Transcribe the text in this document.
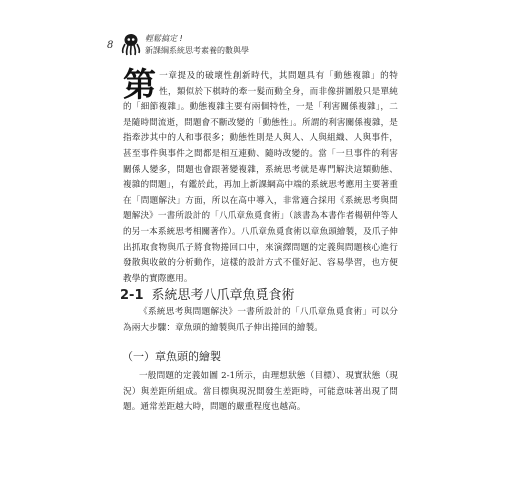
8
輕鬆搞定 !
新課綱系統思考素養的數與學
第一章提及的破壞性創新時代，其問題具有「動態複雜」的特性，類似於下棋時的牽一髮而動全身，而非像拼圖般只是單純的「細節複雜」。動態複雜主要有兩個特性，一是「利害關係複雜」，二是隨時間流逝，問題會不斷改變的「動態性」。所謂的利害關係複雜，是指牽涉其中的人和事很多；動態性則是人與人、人與組織、人與事件，甚至事件與事件之間都是相互連動、隨時改變的。當「一旦事件的利害關係人變多，問題也會跟著變複雜，系統思考就是專門解決這類動態、複雜的問題」，有鑑於此，再加上新課綱高中端的系統思考應用主要著重在「問題解決」方面，所以在高中導入，非常適合採用《系統思考與問題解決》一書所設計的「八爪章魚覓食術」（該書為本書作者楊朝仲等人的另一本系統思考相關著作）。八爪章魚覓食術以章魚頭繪製，及爪子伸出抓取食物與爪子將食物捲回口中，來演繹問題的定義與問題核心進行發散與收斂的分析動作，這樣的設計方式不僅好記、容易學習，也方便教學的實際應用。
2-1 系統思考八爪章魚覓食術
《系統思考與問題解決》一書所設計的「八爪章魚覓食術」可以分為兩大步驟：章魚頭的繪製與爪子伸出捲回的繪製。
（一）章魚頭的繪製
一般問題的定義如圖 2-1所示，由理想狀態（目標）、現實狀態（現況）與差距所組成。當目標與現況間發生差距時，可能意味著出現了問題。通常差距越大時，問題的嚴重程度也越高。
